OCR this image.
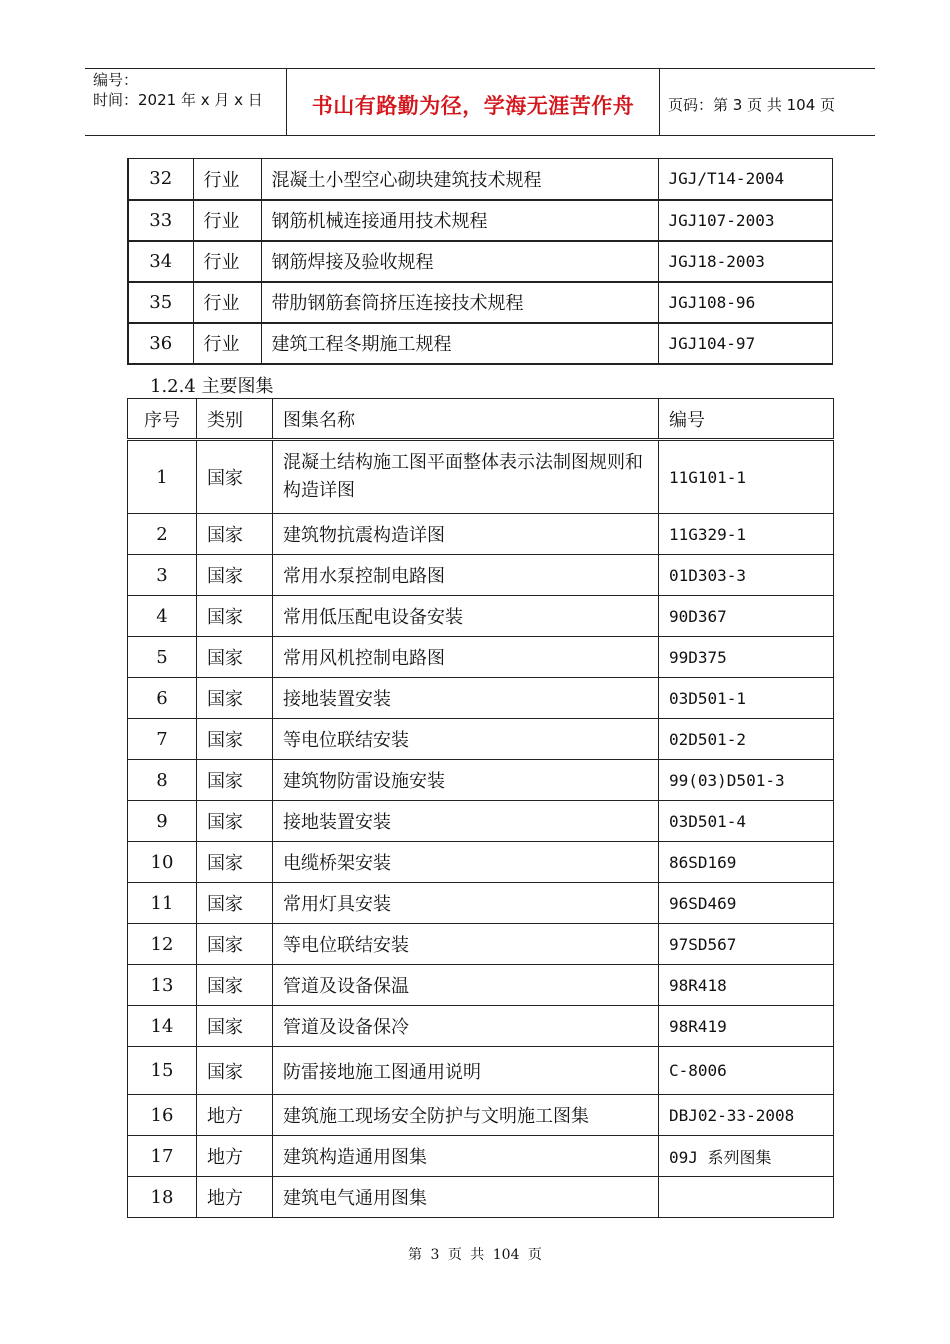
编号：
时间：2021 年 x 月 x 日	书山有路勤为径，学海无涯苦作舟	页码：第 3 页 共 104 页
32	行业	混凝土小型空心砌块建筑技术规程	JGJ/T14-2004
33	行业	钢筋机械连接通用技术规程	JGJ107-2003
34	行业	钢筋焊接及验收规程	JGJ18-2003
35	行业	带肋钢筋套筒挤压连接技术规程	JGJ108-96
36	行业	建筑工程冬期施工规程	JGJ104-97
1.2.4 主要图集
序号	类别	图集名称	编号
1	国家	混凝土结构施工图平面整体表示法制图规则和构造详图	11G101-1
2	国家	建筑物抗震构造详图	11G329-1
3	国家	常用水泵控制电路图	01D303-3
4	国家	常用低压配电设备安装	90D367
5	国家	常用风机控制电路图	99D375
6	国家	接地装置安装	03D501-1
7	国家	等电位联结安装	02D501-2
8	国家	建筑物防雷设施安装	99(03)D501-3
9	国家	接地装置安装	03D501-4
10	国家	电缆桥架安装	86SD169
11	国家	常用灯具安装	96SD469
12	国家	等电位联结安装	97SD567
13	国家	管道及设备保温	98R418
14	国家	管道及设备保冷	98R419
15	国家	防雷接地施工图通用说明	C-8006
16	地方	建筑施工现场安全防护与文明施工图集	DBJ02-33-2008
17	地方	建筑构造通用图集	09J 系列图集
18	地方	建筑电气通用图集	
第 3 页 共 104 页
